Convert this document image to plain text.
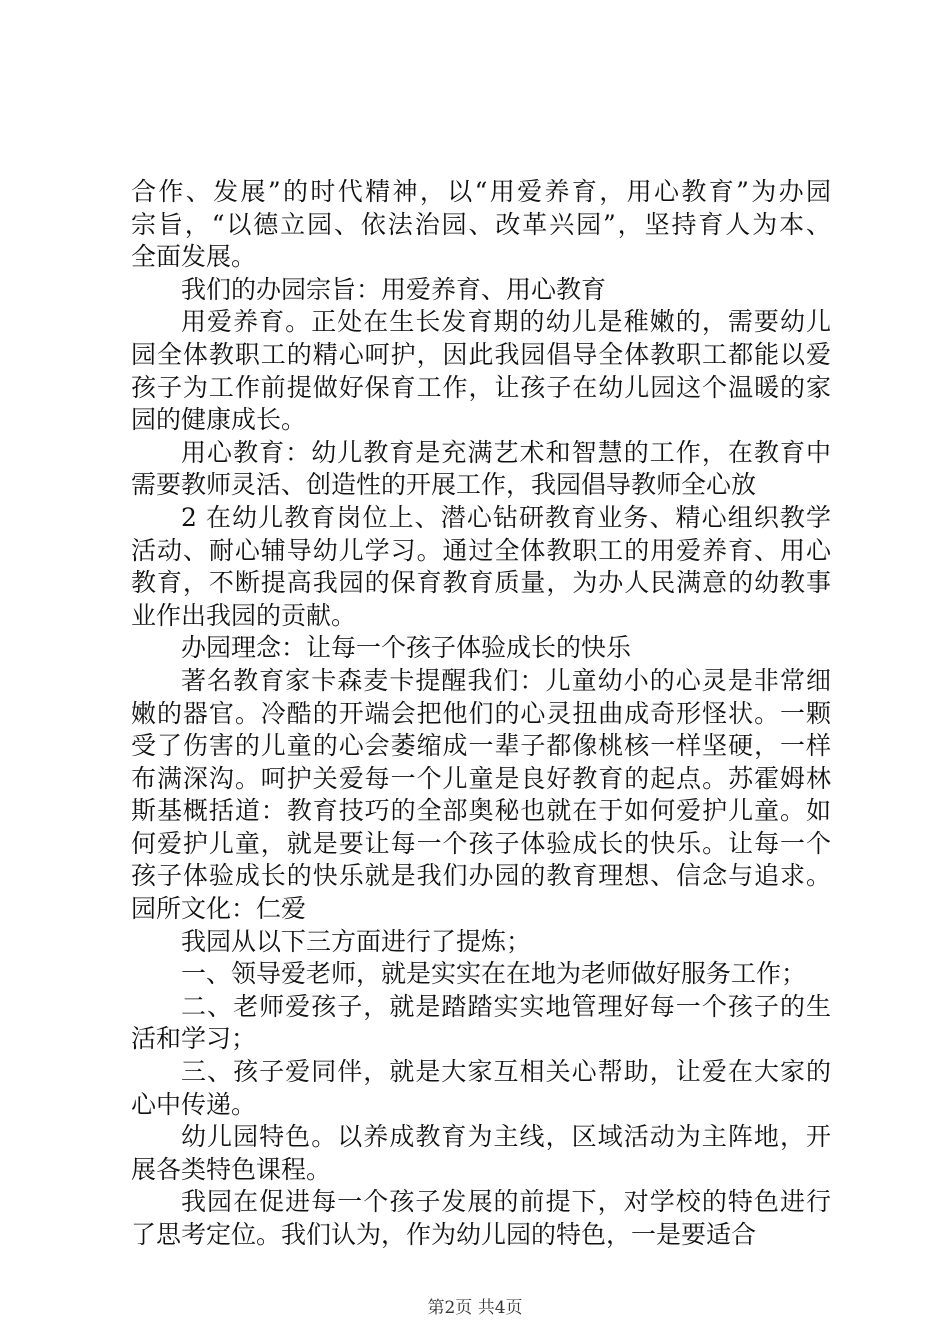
合作、发展”的时代精神，以“用爱养育，用心教育”为办园
宗旨，“以德立园、依法治园、改革兴园”，坚持育人为本、
全面发展。
我们的办园宗旨：用爱养育、用心教育
用爱养育。正处在生长发育期的幼儿是稚嫩的，需要幼儿
园全体教职工的精心呵护，因此我园倡导全体教职工都能以爱
孩子为工作前提做好保育工作，让孩子在幼儿园这个温暖的家
园的健康成长。
用心教育：幼儿教育是充满艺术和智慧的工作，在教育中
需要教师灵活、创造性的开展工作，我园倡导教师全心放
2 在幼儿教育岗位上、潜心钻研教育业务、精心组织教学
活动、耐心辅导幼儿学习。通过全体教职工的用爱养育、用心
教育，不断提高我园的保育教育质量，为办人民满意的幼教事
业作出我园的贡献。
办园理念：让每一个孩子体验成长的快乐
著名教育家卡森麦卡提醒我们：儿童幼小的心灵是非常细
嫩的器官。冷酷的开端会把他们的心灵扭曲成奇形怪状。一颗
受了伤害的儿童的心会萎缩成一辈子都像桃核一样坚硬，一样
布满深沟。呵护关爱每一个儿童是良好教育的起点。苏霍姆林
斯基概括道：教育技巧的全部奥秘也就在于如何爱护儿童。如
何爱护儿童，就是要让每一个孩子体验成长的快乐。让每一个
孩子体验成长的快乐就是我们办园的教育理想、信念与追求。
园所文化：仁爱
我园从以下三方面进行了提炼；
一、领导爱老师，就是实实在在地为老师做好服务工作；
二、老师爱孩子，就是踏踏实实地管理好每一个孩子的生
活和学习；
三、孩子爱同伴，就是大家互相关心帮助，让爱在大家的
心中传递。
幼儿园特色。以养成教育为主线，区域活动为主阵地，开
展各类特色课程。
我园在促进每一个孩子发展的前提下，对学校的特色进行
了思考定位。我们认为，作为幼儿园的特色，一是要适合
第2页 共4页
